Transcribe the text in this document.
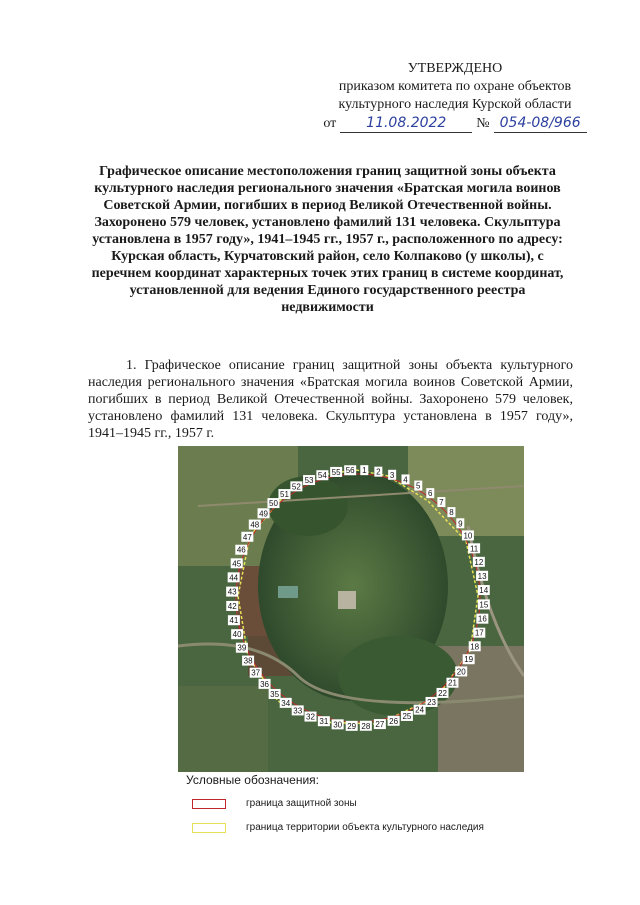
УТВЕРЖДЕНО
приказом комитета по охране объектов
культурного наследия Курской области
от	11.08.2022	№ 054-08/966
Графическое описание местоположения границ защитной зоны объекта культурного наследия регионального значения «Братская могила воинов Советской Армии, погибших в период Великой Отечественной войны. Захоронено 579 человек, установлено фамилий 131 человека. Скульптура установлена в 1957 году», 1941–1945 гг., 1957 г., расположенного по адресу: Курская область, Курчатовский район, село Колпаково (у школы), с перечнем координат характерных точек этих границ в системе координат, установленной для ведения Единого государственного реестра недвижимости
1. Графическое описание границ защитной зоны объекта культурного наследия регионального значения «Братская могила воинов Советской Армии, погибших в период Великой Отечественной войны. Захоронено 579 человек, установлено фамилий 131 человека. Скульптура установлена в 1957 году», 1941–1945 гг., 1957 г.
1 2 3
4
5
6
7
8
9
10
11
12
13
14
15
16
17
18
19
20
21
22
23
24
25
26
27
28
29
30
31
32
33
34
35
36
37
38
39
40
41
42
43
44
45
46
47
48
49
50
51
52
53
54 55 56
Условные обозначения:
граница защитной зоны
граница территории объекта культурного наследия
